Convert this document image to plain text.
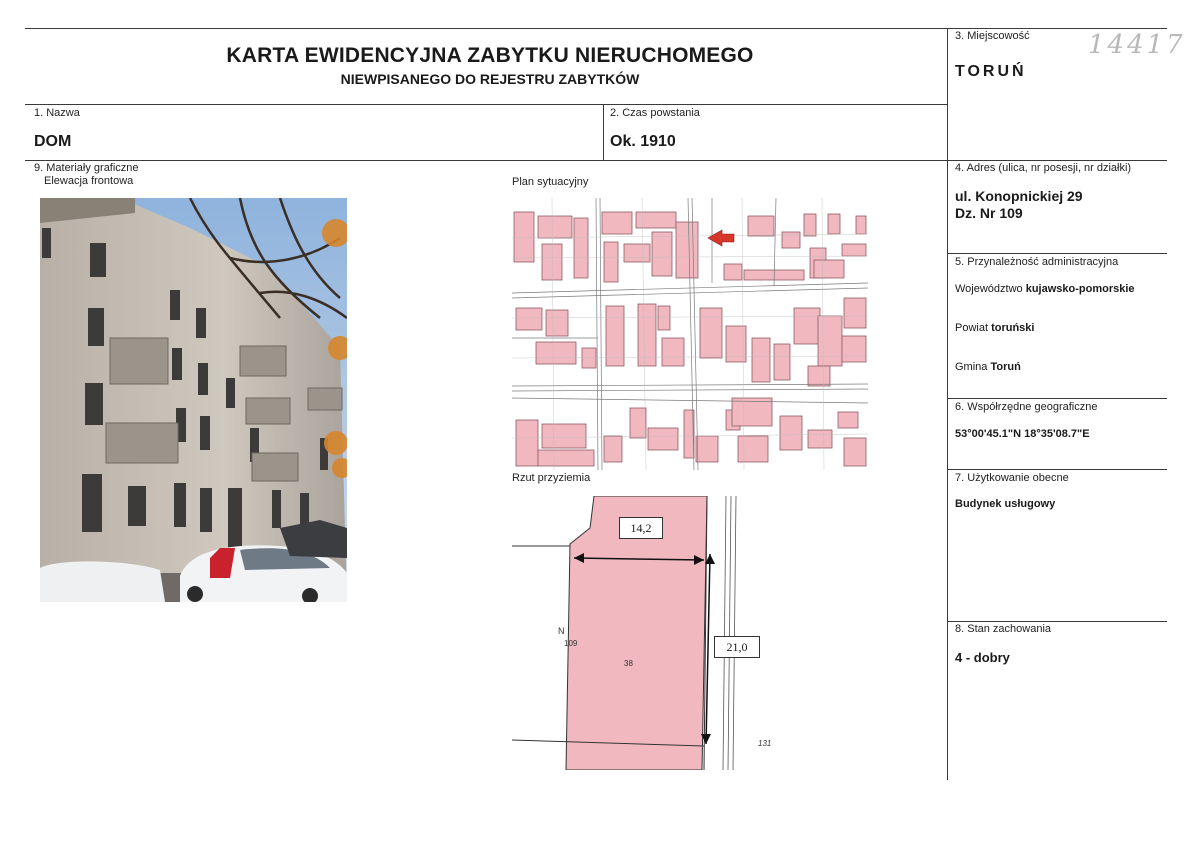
KARTA EWIDENCYJNA ZABYTKU NIERUCHOMEGO
NIEWPISANEGO DO REJESTRU ZABYTKÓW
14417
3. Miejscowość
TORUŃ
1. Nazwa
DOM
2. Czas powstania
Ok. 1910
4. Adres (ulica, nr posesji, nr działki)
ul. Konopnickiej 29
Dz. Nr 109
5. Przynależność administracyjna
Województwo kujawsko-pomorskie
Powiat toruński
Gmina Toruń
6. Współrzędne geograficzne
53°00'45.1"N 18°35'08.7"E
7. Użytkowanie obecne
Budynek usługowy
8. Stan zachowania
4 - dobry
9. Materiały graficzne
Elewacja frontowa	Plan sytuacyjny
Rzut przyziemia
N
109
38
131
14,2
21,0
